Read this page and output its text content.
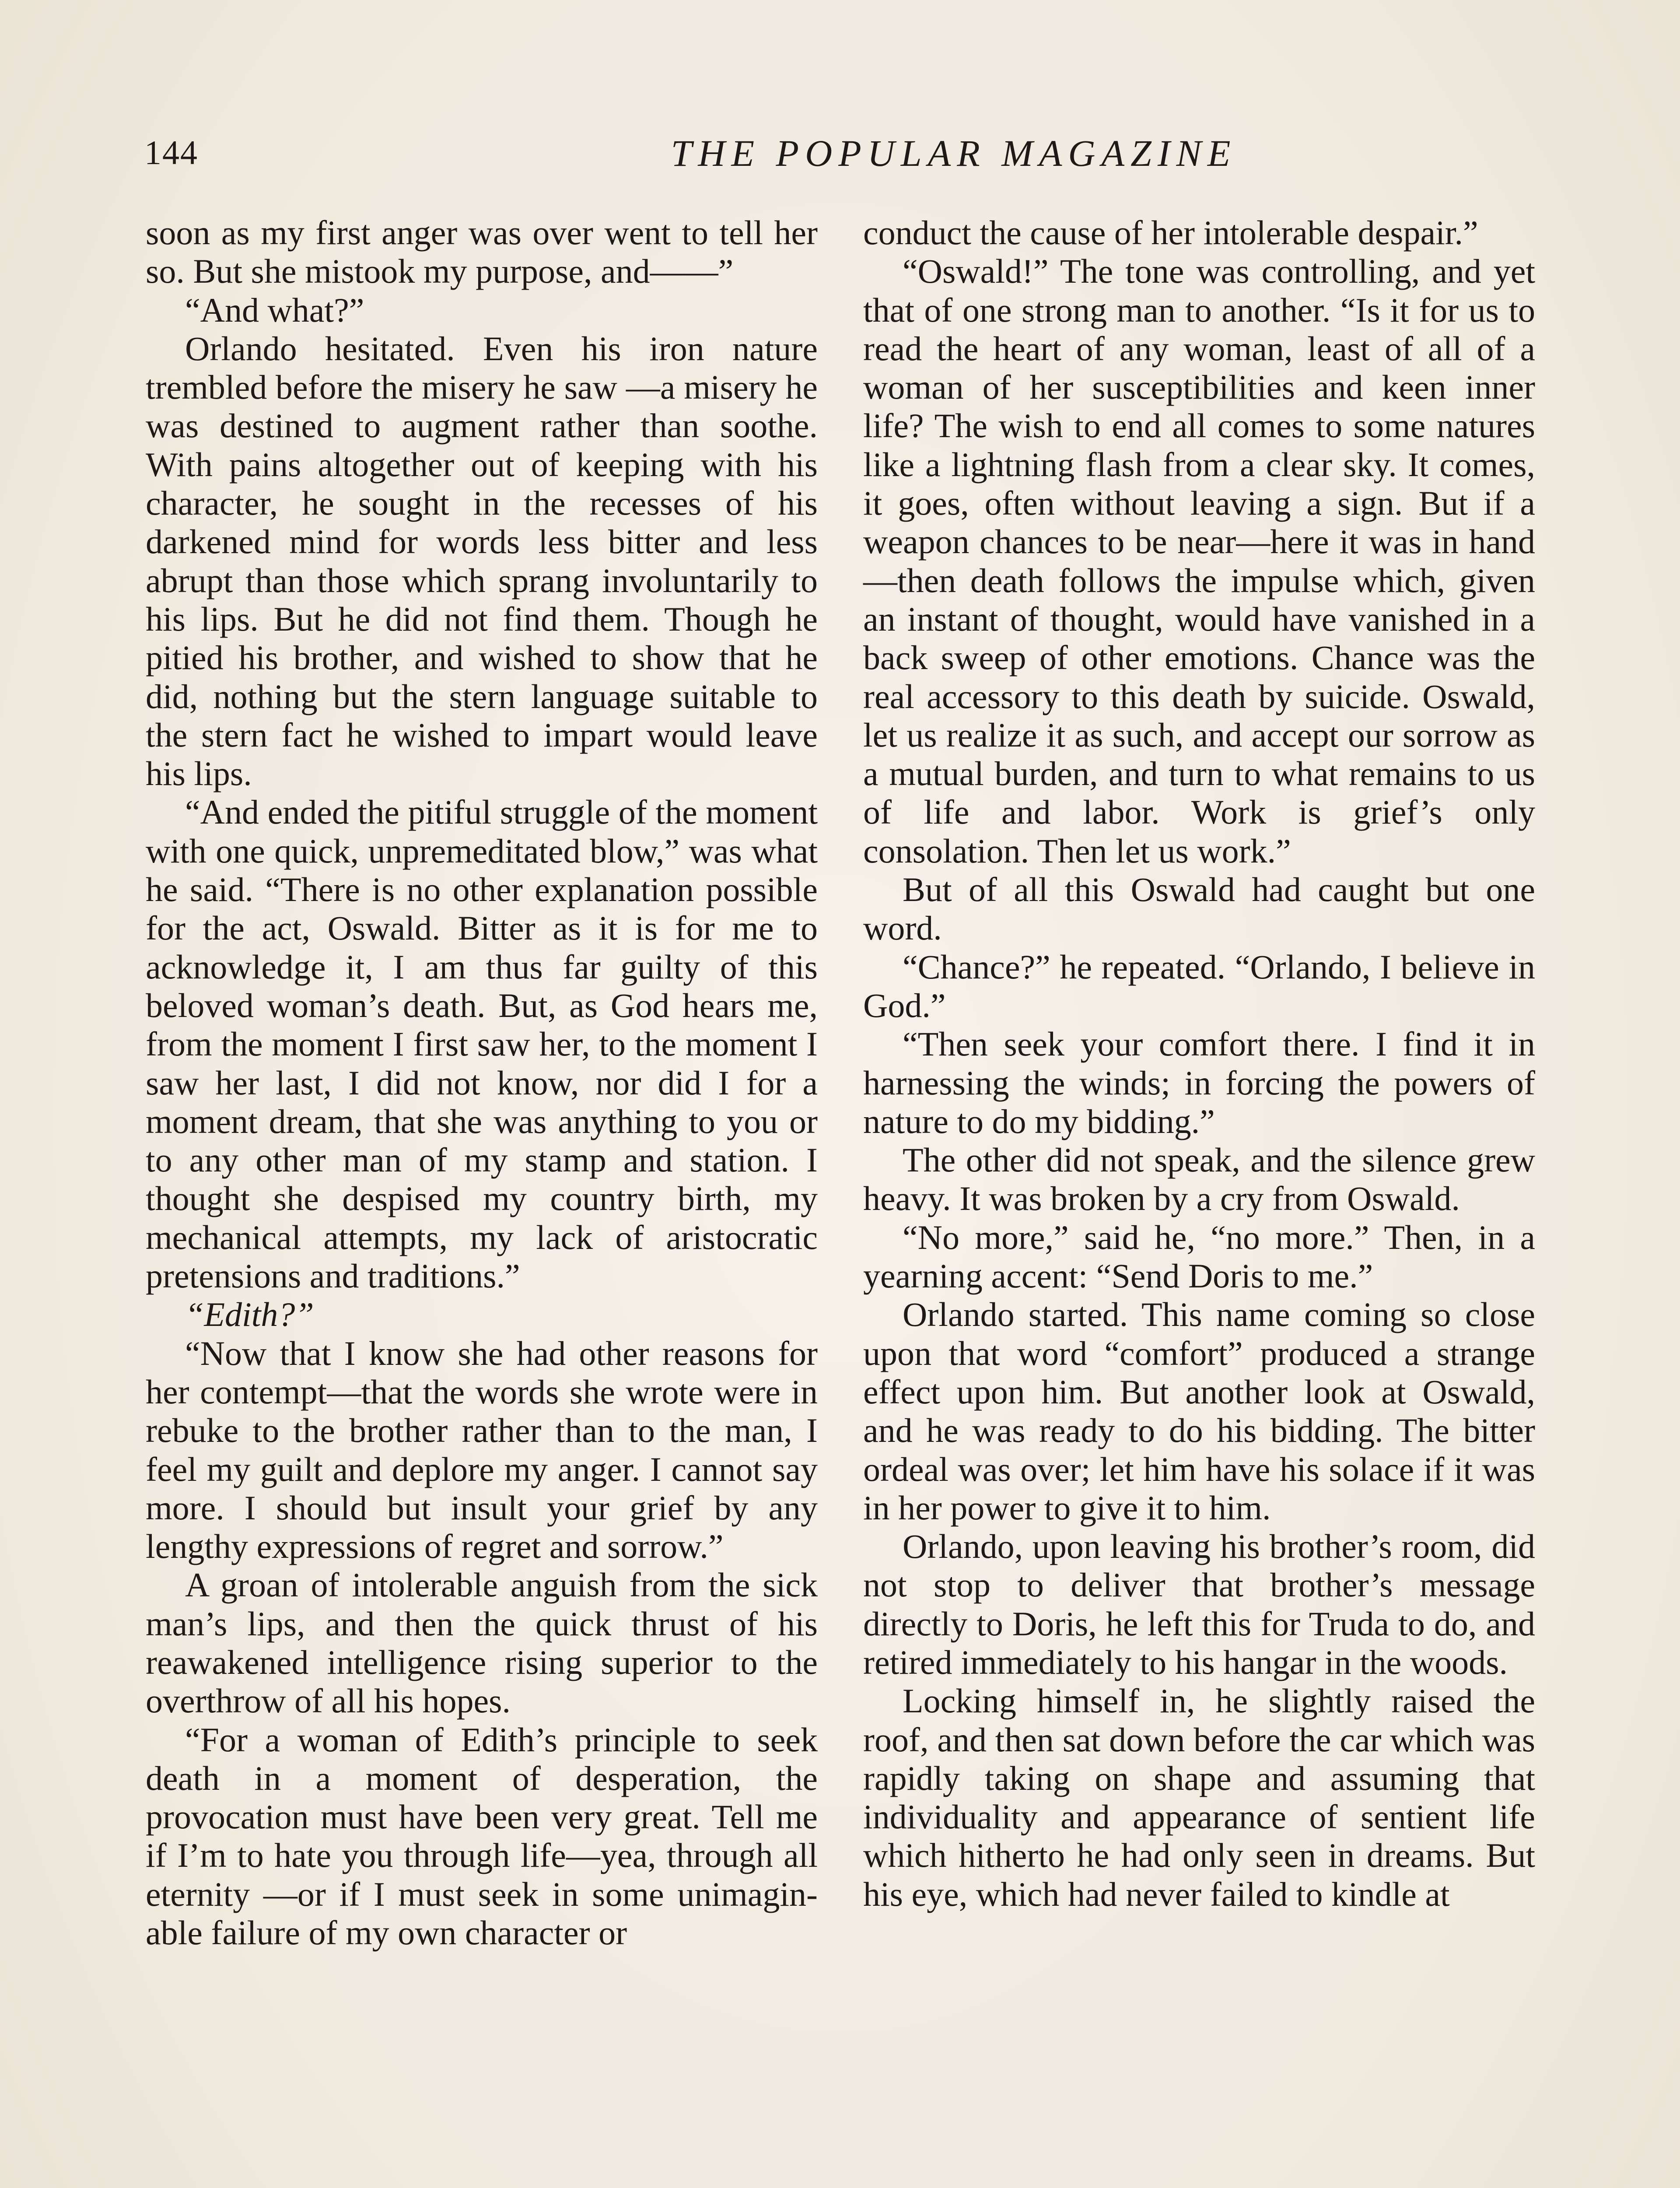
144	THE POPULAR MAGAZINE

soon as my first anger was over went to tell her so. But she mistook my purpose, and——”

“And what?”

Orlando hesitated. Even his iron nature trembled before the misery he saw —a misery he was destined to augment rather than soothe. With pains altogether out of keeping with his character, he sought in the recesses of his darkened mind for words less bitter and less abrupt than those which sprang involuntarily to his lips. But he did not find them. Though he pitied his brother, and wished to show that he did, nothing but the stern language suitable to the stern fact he wished to impart would leave his lips.

“And ended the pitiful struggle of the moment with one quick, unpremeditated blow,” was what he said. “There is no other explanation possible for the act, Oswald. Bitter as it is for me to acknowledge it, I am thus far guilty of this beloved woman’s death. But, as God hears me, from the moment I first saw her, to the moment I saw her last, I did not know, nor did I for a moment dream, that she was anything to you or to any other man of my stamp and station. I thought she despised my country birth, my mechanical attempts, my lack of aristocratic pretensions and traditions.”

“Edith?”

“Now that I know she had other reasons for her contempt—that the words she wrote were in rebuke to the brother rather than to the man, I feel my guilt and deplore my anger. I cannot say more. I should but insult your grief by any lengthy expressions of regret and sorrow.”

A groan of intolerable anguish from the sick man’s lips, and then the quick thrust of his reawakened intelligence rising superior to the overthrow of all his hopes.

“For a woman of Edith’s principle to seek death in a moment of desperation, the provocation must have been very great. Tell me if I’m to hate you through life—yea, through all eternity —or if I must seek in some unimaginable failure of my own character or

conduct the cause of her intolerable despair.”

“Oswald!” The tone was controlling, and yet that of one strong man to another. “Is it for us to read the heart of any woman, least of all of a woman of her susceptibilities and keen inner life? The wish to end all comes to some natures like a lightning flash from a clear sky. It comes, it goes, often without leaving a sign. But if a weapon chances to be near—here it was in hand —then death follows the impulse which, given an instant of thought, would have vanished in a back sweep of other emotions. Chance was the real accessory to this death by suicide. Oswald, let us realize it as such, and accept our sorrow as a mutual burden, and turn to what remains to us of life and labor. Work is grief’s only consolation. Then let us work.”

But of all this Oswald had caught but one word.

“Chance?” he repeated. “Orlando, I believe in God.”

“Then seek your comfort there. I find it in harnessing the winds; in forcing the powers of nature to do my bidding.”

The other did not speak, and the silence grew heavy. It was broken by a cry from Oswald.

“No more,” said he, “no more.” Then, in a yearning accent: “Send Doris to me.”

Orlando started. This name coming so close upon that word “comfort” produced a strange effect upon him. But another look at Oswald, and he was ready to do his bidding. The bitter ordeal was over; let him have his solace if it was in her power to give it to him.

Orlando, upon leaving his brother’s room, did not stop to deliver that brother’s message directly to Doris, he left this for Truda to do, and retired immediately to his hangar in the woods.

Locking himself in, he slightly raised the roof, and then sat down before the car which was rapidly taking on shape and assuming that individuality and appearance of sentient life which hitherto he had only seen in dreams. But his eye, which had never failed to kindle at
